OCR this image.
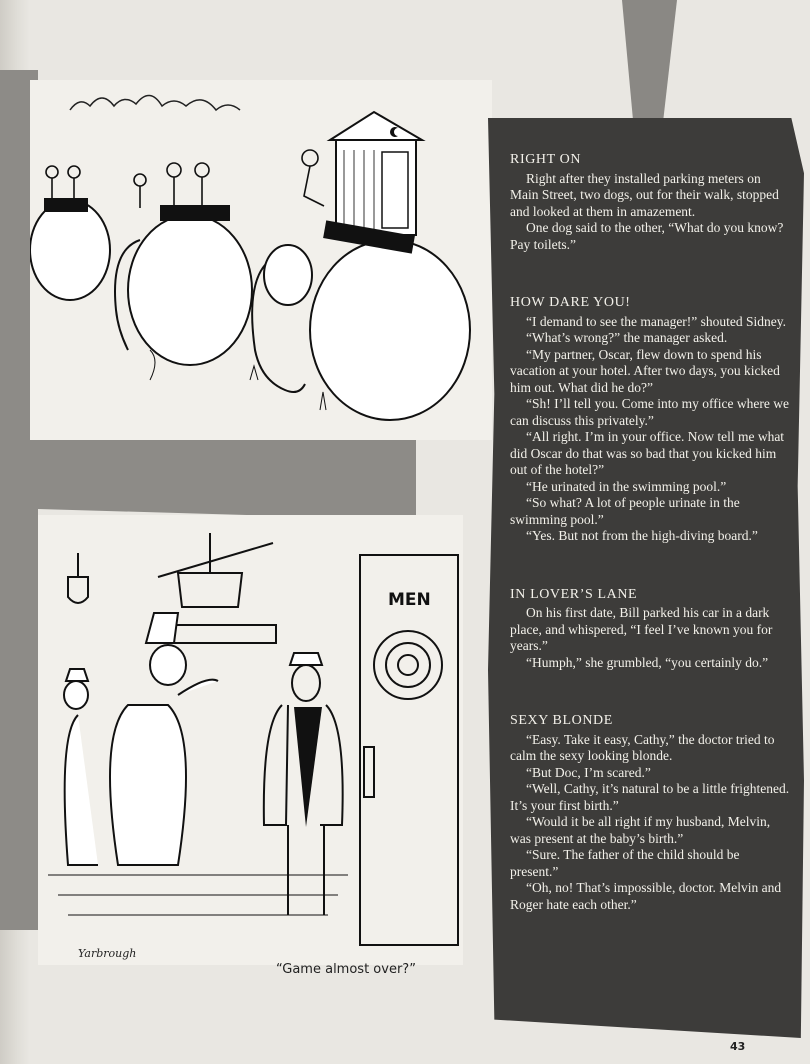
MEN
Yarbrough
“Game almost over?”
RIGHT ON

Right after they installed parking meters on Main Street, two dogs, out for their walk, stopped and looked at them in amazement.

One dog said to the other, “What do you know? Pay toilets.”

HOW DARE YOU!

“I demand to see the manager!” shouted Sidney.

“What’s wrong?” the manager asked.

“My partner, Oscar, flew down to spend his vacation at your hotel. After two days, you kicked him out. What did he do?”

“Sh! I’ll tell you. Come into my office where we can discuss this privately.”

“All right. I’m in your office. Now tell me what did Oscar do that was so bad that you kicked him out of the hotel?”

“He urinated in the swimming pool.”

“So what? A lot of people urinate in the swimming pool.”

“Yes. But not from the high-diving board.”

IN LOVER’S LANE

On his first date, Bill parked his car in a dark place, and whispered, “I feel I’ve known you for years.”

“Humph,” she grumbled, “you certainly do.”

SEXY BLONDE

“Easy. Take it easy, Cathy,” the doctor tried to calm the sexy looking blonde.

“But Doc, I’m scared.”

“Well, Cathy, it’s natural to be a little frightened. It’s your first birth.”

“Would it be all right if my husband, Melvin, was present at the baby’s birth.”

“Sure. The father of the child should be present.”

“Oh, no! That’s impossible, doctor. Melvin and Roger hate each other.”

43
